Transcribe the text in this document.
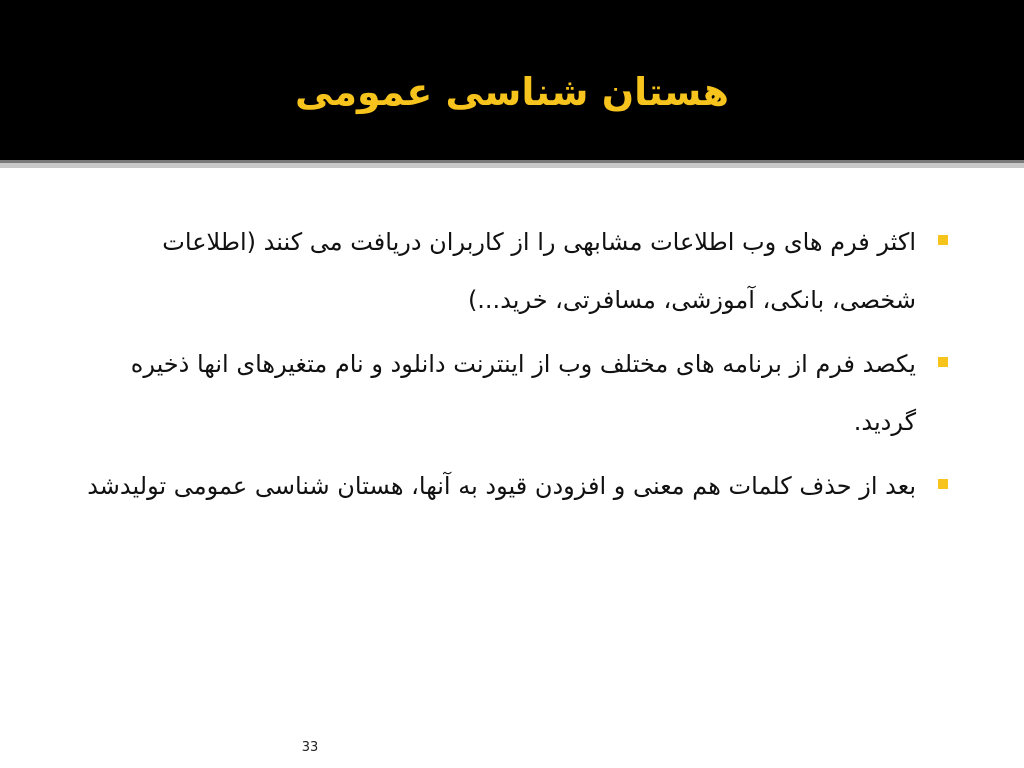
هستان شناسی عمومی
اکثر فرم های وب اطلاعات مشابهی را از کاربران دریافت می کنند (اطلاعات شخصی، بانکی، آموزشی، مسافرتی، خرید...)
یکصد فرم از برنامه های مختلف وب از اینترنت دانلود و نام متغیرهای انها ذخیره گردید.
بعد از حذف کلمات هم معنی و افزودن قیود به آنها، هستان شناسی عمومی تولیدشد
33
